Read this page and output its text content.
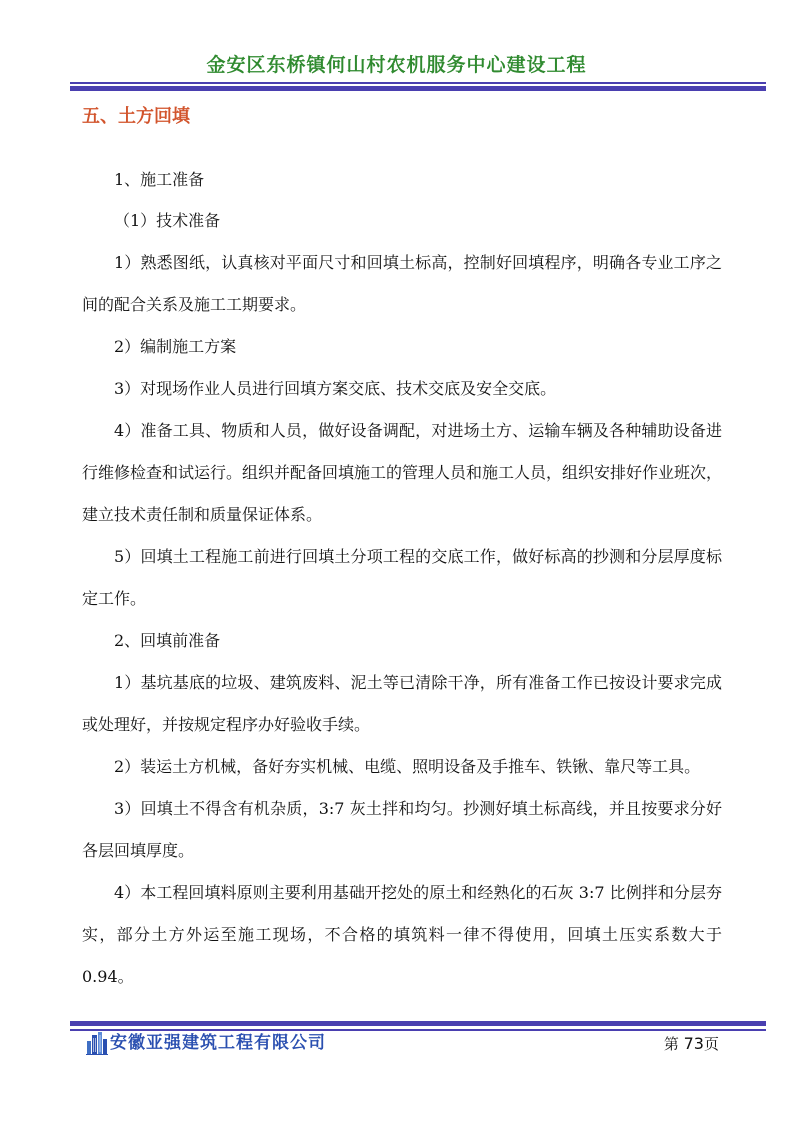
金安区东桥镇何山村农机服务中心建设工程
五、土方回填

1、施工准备

（1）技术准备

1）熟悉图纸，认真核对平面尺寸和回填土标高，控制好回填程序，明确各专业工序之间的配合关系及施工工期要求。

2）编制施工方案

3）对现场作业人员进行回填方案交底、技术交底及安全交底。

4）准备工具、物质和人员，做好设备调配，对进场土方、运输车辆及各种辅助设备进行维修检查和试运行。组织并配备回填施工的管理人员和施工人员，组织安排好作业班次，建立技术责任制和质量保证体系。

5）回填土工程施工前进行回填土分项工程的交底工作，做好标高的抄测和分层厚度标定工作。

2、回填前准备

1）基坑基底的垃圾、建筑废料、泥土等已清除干净，所有准备工作已按设计要求完成或处理好，并按规定程序办好验收手续。

2）装运土方机械，备好夯实机械、电缆、照明设备及手推车、铁锹、靠尺等工具。

3）回填土不得含有机杂质，3:7 灰土拌和均匀。抄测好填土标高线，并且按要求分好各层回填厚度。

4）本工程回填料原则主要利用基础开挖处的原土和经熟化的石灰 3:7 比例拌和分层夯实，部分土方外运至施工现场，不合格的填筑料一律不得使用，回填土压实系数大于 0.94。

安徽亚强建筑工程有限公司	第 73页
